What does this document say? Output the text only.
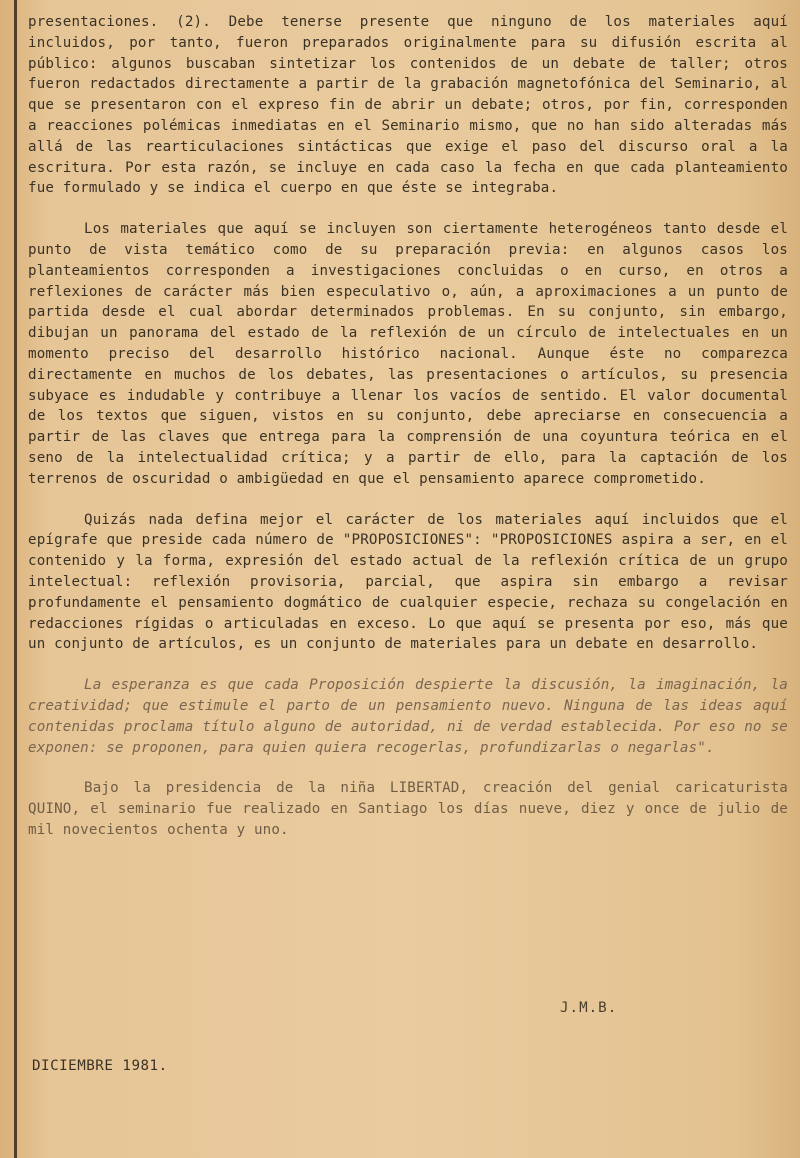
presentaciones. (2). Debe tenerse presente que ninguno de los materiales aquí incluidos, por tanto, fueron preparados originalmente para su difusión escrita al público: algunos buscaban sintetizar los contenidos de un debate de taller; otros fueron redactados directamente a partir de la grabación magnetofónica del Seminario, al que se presentaron con el expreso fin de abrir un debate; otros, por fin, corresponden a reacciones polémicas inmediatas en el Seminario mismo, que no han sido alteradas más allá de las rearticulaciones sintácticas que exige el paso del discurso oral a la escritura. Por esta razón, se incluye en cada caso la fecha en que cada planteamiento fue formulado y se indica el cuerpo en que éste se integraba.

Los materiales que aquí se incluyen son ciertamente heterogéneos tanto desde el punto de vista temático como de su preparación previa: en algunos casos los planteamientos corresponden a investigaciones concluidas o en curso, en otros a reflexiones de carácter más bien especulativo o, aún, a aproximaciones a un punto de partida desde el cual abordar determinados problemas. En su conjunto, sin embargo, dibujan un panorama del estado de la reflexión de un círculo de intelectuales en un momento preciso del desarrollo histórico nacional. Aunque éste no comparezca directamente en muchos de los debates, las presentaciones o artículos, su presencia subyace es indudable y contribuye a llenar los vacíos de sentido. El valor documental de los textos que siguen, vistos en su conjunto, debe apreciarse en consecuencia a partir de las claves que entrega para la comprensión de una coyuntura teórica en el seno de la intelectualidad crítica; y a partir de ello, para la captación de los terrenos de oscuridad o ambigüedad en que el pensamiento aparece comprometido.

Quizás nada defina mejor el carácter de los materiales aquí incluidos que el epígrafe que preside cada número de "PROPOSICIONES": "PROPOSICIONES aspira a ser, en el contenido y la forma, expresión del estado actual de la reflexión crítica de un grupo intelectual: reflexión provisoria, parcial, que aspira sin embargo a revisar profundamente el pensamiento dogmático de cualquier especie, rechaza su congelación en redacciones rígidas o articuladas en exceso. Lo que aquí se presenta por eso, más que un conjunto de artículos, es un conjunto de materiales para un debate en desarrollo.

La esperanza es que cada Proposición despierte la discusión, la imaginación, la creatividad; que estimule el parto de un pensamiento nuevo. Ninguna de las ideas aquí contenidas proclama título alguno de autoridad, ni de verdad establecida. Por eso no se exponen: se proponen, para quien quiera recogerlas, profundizarlas o negarlas".

Bajo la presidencia de la niña LIBERTAD, creación del genial caricaturista QUINO, el seminario fue realizado en Santiago los días nueve, diez y once de julio de mil novecientos ochenta y uno.

J.M.B.
DICIEMBRE 1981.
